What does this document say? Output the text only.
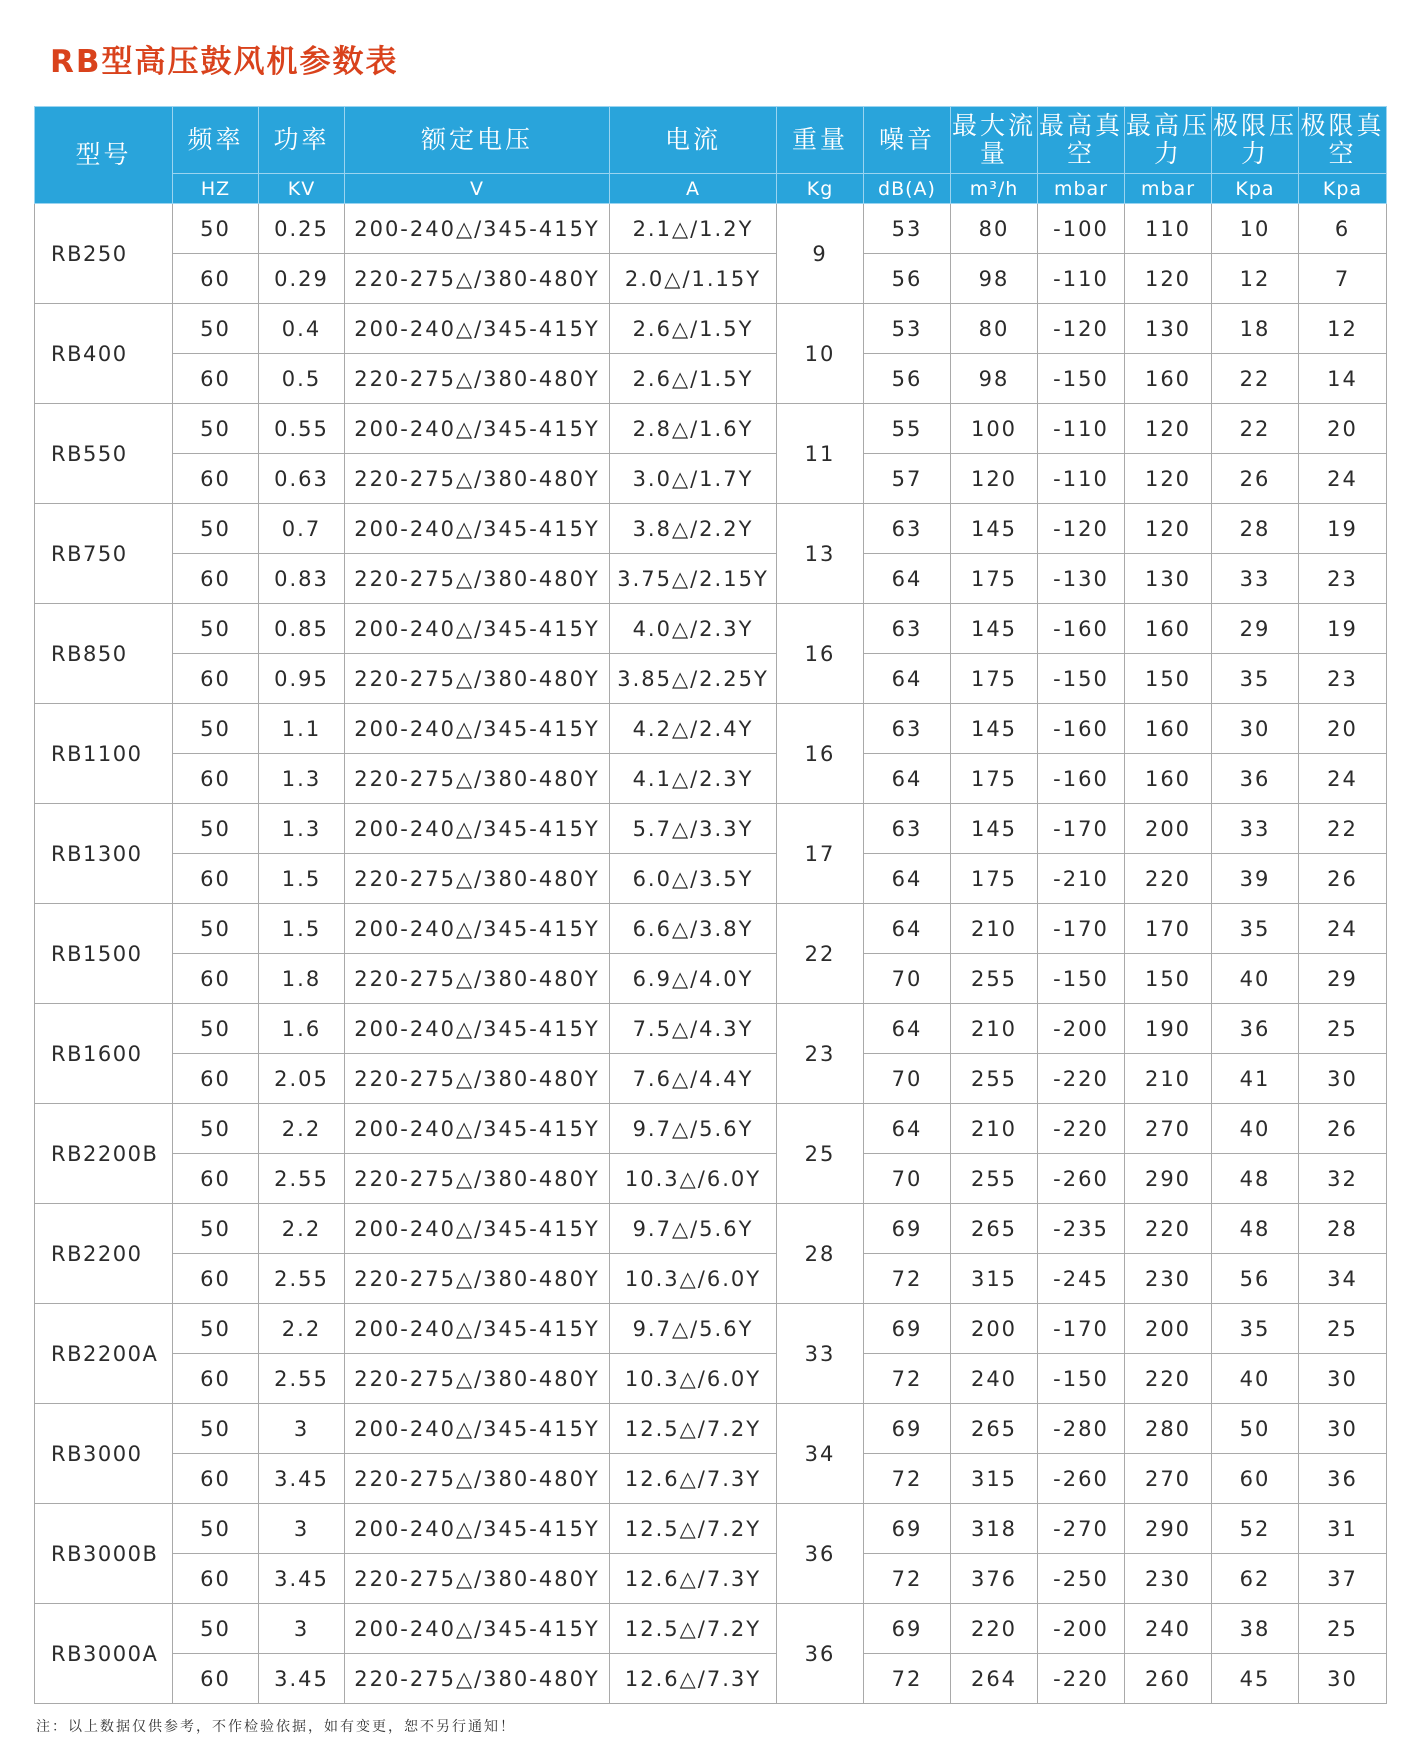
RB型高压鼓风机参数表
型号	频率	功率	额定电压	电流	重量	噪音	最大流量	最高真空	最高压力	极限压力	极限真空
	HZ	KV	V	A	Kg	dB(A)	m³/h	mbar	mbar	Kpa	Kpa
RB250	50	0.25	200-240△/345-415Y	2.1△/1.2Y	9	53	80	-100	110	10	6
	60	0.29	220-275△/380-480Y	2.0△/1.15Y		56	98	-110	120	12	7
RB400	50	0.4	200-240△/345-415Y	2.6△/1.5Y	10	53	80	-120	130	18	12
	60	0.5	220-275△/380-480Y	2.6△/1.5Y		56	98	-150	160	22	14
RB550	50	0.55	200-240△/345-415Y	2.8△/1.6Y	11	55	100	-110	120	22	20
	60	0.63	220-275△/380-480Y	3.0△/1.7Y		57	120	-110	120	26	24
RB750	50	0.7	200-240△/345-415Y	3.8△/2.2Y	13	63	145	-120	120	28	19
	60	0.83	220-275△/380-480Y	3.75△/2.15Y		64	175	-130	130	33	23
RB850	50	0.85	200-240△/345-415Y	4.0△/2.3Y	16	63	145	-160	160	29	19
	60	0.95	220-275△/380-480Y	3.85△/2.25Y		64	175	-150	150	35	23
RB1100	50	1.1	200-240△/345-415Y	4.2△/2.4Y	16	63	145	-160	160	30	20
	60	1.3	220-275△/380-480Y	4.1△/2.3Y		64	175	-160	160	36	24
RB1300	50	1.3	200-240△/345-415Y	5.7△/3.3Y	17	63	145	-170	200	33	22
	60	1.5	220-275△/380-480Y	6.0△/3.5Y		64	175	-210	220	39	26
RB1500	50	1.5	200-240△/345-415Y	6.6△/3.8Y	22	64	210	-170	170	35	24
	60	1.8	220-275△/380-480Y	6.9△/4.0Y		70	255	-150	150	40	29
RB1600	50	1.6	200-240△/345-415Y	7.5△/4.3Y	23	64	210	-200	190	36	25
	60	2.05	220-275△/380-480Y	7.6△/4.4Y		70	255	-220	210	41	30
RB2200B	50	2.2	200-240△/345-415Y	9.7△/5.6Y	25	64	210	-220	270	40	26
	60	2.55	220-275△/380-480Y	10.3△/6.0Y		70	255	-260	290	48	32
RB2200	50	2.2	200-240△/345-415Y	9.7△/5.6Y	28	69	265	-235	220	48	28
	60	2.55	220-275△/380-480Y	10.3△/6.0Y		72	315	-245	230	56	34
RB2200A	50	2.2	200-240△/345-415Y	9.7△/5.6Y	33	69	200	-170	200	35	25
	60	2.55	220-275△/380-480Y	10.3△/6.0Y		72	240	-150	220	40	30
RB3000	50	3	200-240△/345-415Y	12.5△/7.2Y	34	69	265	-280	280	50	30
	60	3.45	220-275△/380-480Y	12.6△/7.3Y		72	315	-260	270	60	36
RB3000B	50	3	200-240△/345-415Y	12.5△/7.2Y	36	69	318	-270	290	52	31
	60	3.45	220-275△/380-480Y	12.6△/7.3Y		72	376	-250	230	62	37
RB3000A	50	3	200-240△/345-415Y	12.5△/7.2Y	36	69	220	-200	240	38	25
	60	3.45	220-275△/380-480Y	12.6△/7.3Y		72	264	-220	260	45	30
注：以上数据仅供参考，不作检验依据，如有变更，恕不另行通知！
